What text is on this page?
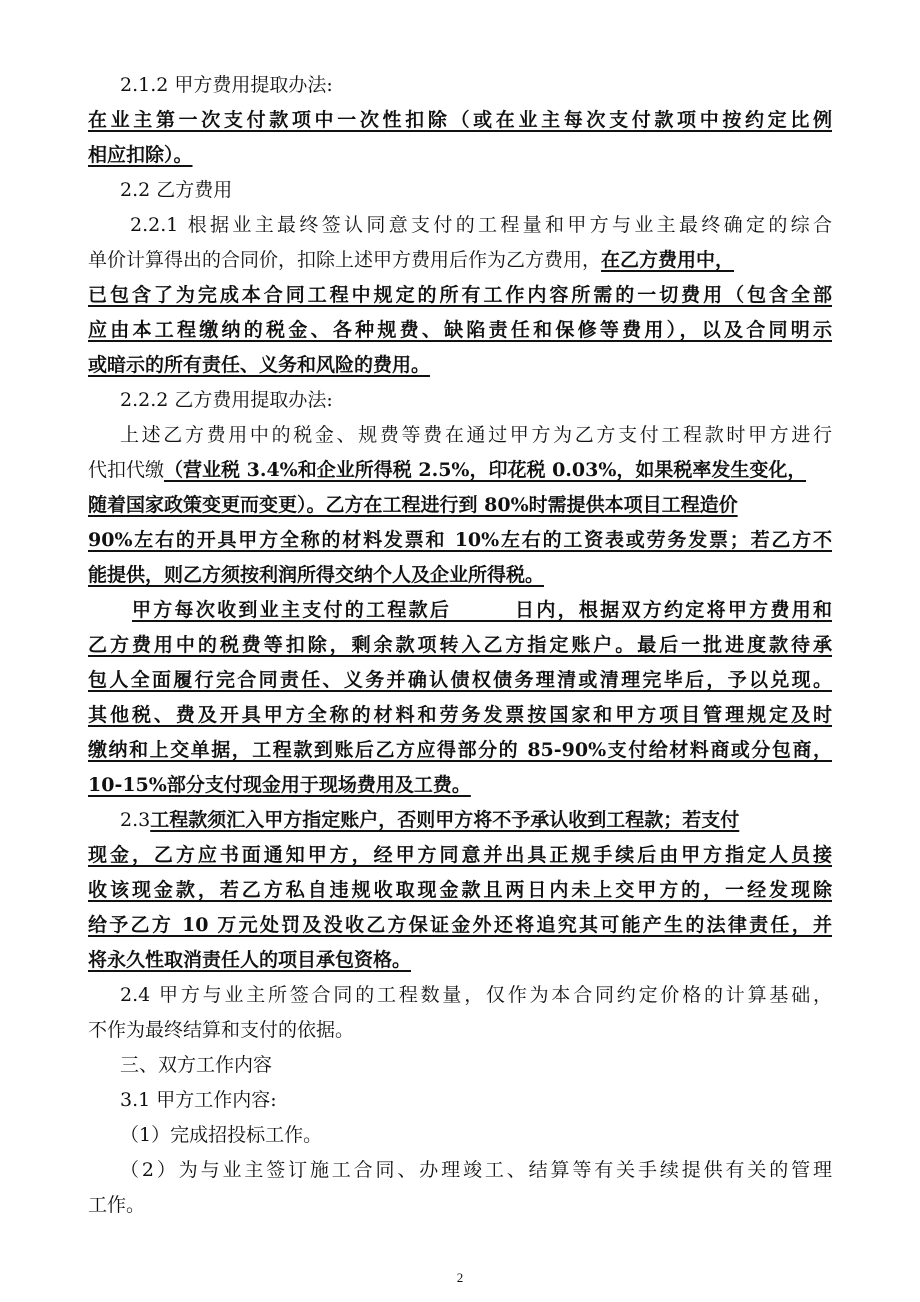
2.1.2 甲方费用提取办法:
在业主第一次支付款项中一次性扣除（或在业主每次支付款项中按约定比例
相应扣除）。
2.2 乙方费用
2.2.1 根据业主最终签认同意支付的工程量和甲方与业主最终确定的综合
单价计算得出的合同价，扣除上述甲方费用后作为乙方费用，在乙方费用中，
已包含了为完成本合同工程中规定的所有工作内容所需的一切费用（包含全部
应由本工程缴纳的税金、各种规费、缺陷责任和保修等费用），以及合同明示
或暗示的所有责任、义务和风险的费用。
2.2.2 乙方费用提取办法:
上述乙方费用中的税金、规费等费在通过甲方为乙方支付工程款时甲方进行
代扣代缴（营业税 3.4%和企业所得税 2.5%，印花税 0.03%，如果税率发生变化，
随着国家政策变更而变更）。乙方在工程进行到 80%时需提供本项目工程造价
90%左右的开具甲方全称的材料发票和 10%左右的工资表或劳务发票；若乙方不
能提供，则乙方须按利润所得交纳个人及企业所得税。
甲方每次收到业主支付的工程款后　　　日内，根据双方约定将甲方费用和
乙方费用中的税费等扣除，剩余款项转入乙方指定账户。最后一批进度款待承
包人全面履行完合同责任、义务并确认债权债务理清或清理完毕后，予以兑现。
其他税、费及开具甲方全称的材料和劳务发票按国家和甲方项目管理规定及时
缴纳和上交单据，工程款到账后乙方应得部分的 85-90%支付给材料商或分包商，
10-15%部分支付现金用于现场费用及工费。
2.3工程款须汇入甲方指定账户，否则甲方将不予承认收到工程款；若支付
现金，乙方应书面通知甲方，经甲方同意并出具正规手续后由甲方指定人员接
收该现金款，若乙方私自违规收取现金款且两日内未上交甲方的，一经发现除
给予乙方 10 万元处罚及没收乙方保证金外还将追究其可能产生的法律责任，并
将永久性取消责任人的项目承包资格。
2.4 甲方与业主所签合同的工程数量，仅作为本合同约定价格的计算基础，
不作为最终结算和支付的依据。
三、双方工作内容
3.1 甲方工作内容:
（1）完成招投标工作。
（2）为与业主签订施工合同、办理竣工、结算等有关手续提供有关的管理
工作。
2
